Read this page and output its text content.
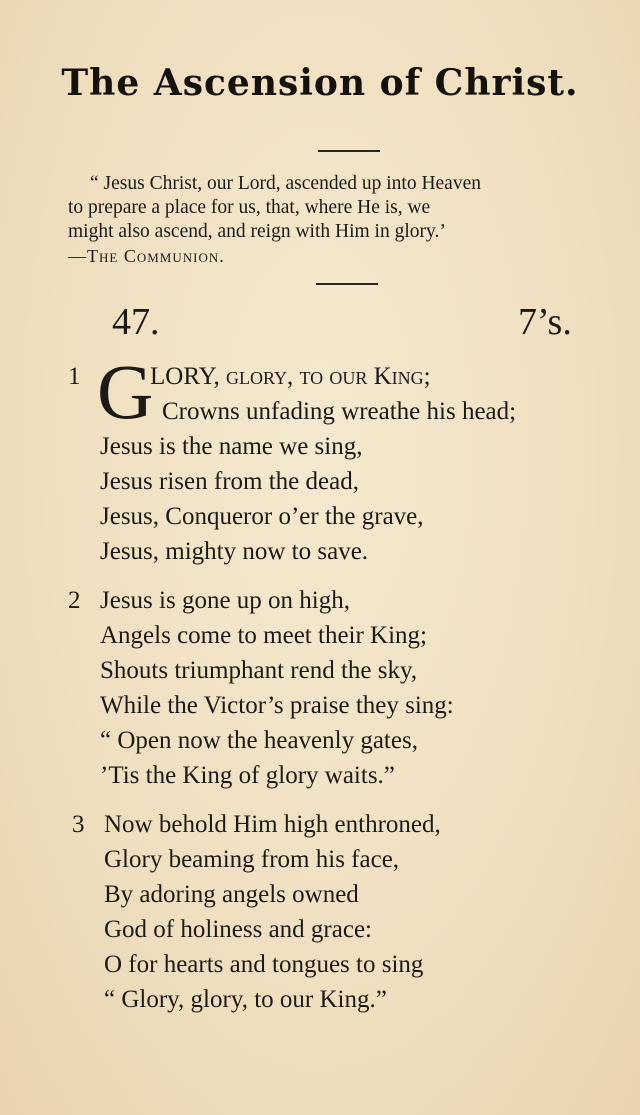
The Ascension of Christ.
“ Jesus Christ, our Lord, ascended up into Heaven
to prepare a place for us, that, where He is, we
might also ascend, and reign with Him in glory.’
—The Communion.
47.	7’s.
1 G
LORY, glory, to our King;
Crowns unfading wreathe his head;
Jesus is the name we sing,
Jesus risen from the dead,
Jesus, Conqueror o’er the grave,
Jesus, mighty now to save.
2 Jesus is gone up on high,
Angels come to meet their King;
Shouts triumphant rend the sky,
While the Victor’s praise they sing:
“ Open now the heavenly gates,
’Tis the King of glory waits.”
3 Now behold Him high enthroned,
Glory beaming from his face,
By adoring angels owned
God of holiness and grace:
O for hearts and tongues to sing
“ Glory, glory, to our King.”
